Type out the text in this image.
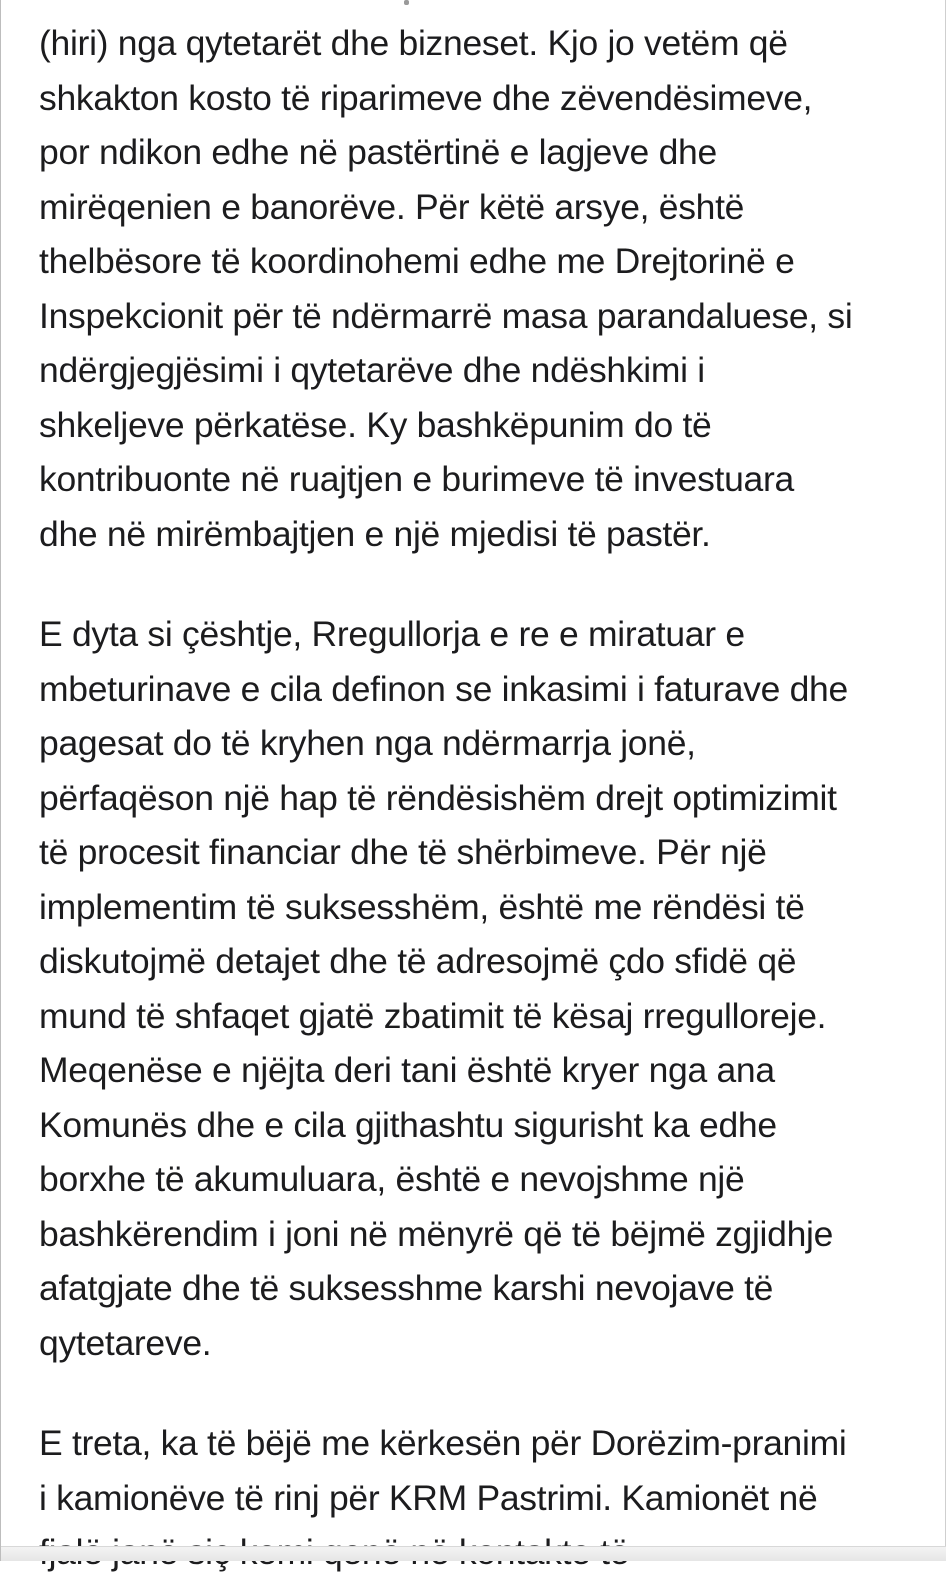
(hiri) nga qytetarët dhe bizneset. Kjo jo vetëm që
shkakton kosto të riparimeve dhe zëvendësimeve,
por ndikon edhe në pastërtinë e lagjeve dhe
mirëqenien e banorëve. Për këtë arsye, është
thelbësore të koordinohemi edhe me Drejtorinë e
Inspekcionit për të ndërmarrë masa parandaluese, si
ndërgjegjësimi i qytetarëve dhe ndëshkimi i
shkeljeve përkatëse. Ky bashkëpunim do të
kontribuonte në ruajtjen e burimeve të investuara
dhe në mirëmbajtjen e një mjedisi të pastër.

E dyta si çështje, Rregullorja e re e miratuar e
mbeturinave e cila definon se inkasimi i faturave dhe
pagesat do të kryhen nga ndërmarrja jonë,
përfaqëson një hap të rëndësishëm drejt optimizimit
të procesit financiar dhe të shërbimeve. Për një
implementim të suksesshëm, është me rëndësi të
diskutojmë detajet dhe të adresojmë çdo sfidë që
mund të shfaqet gjatë zbatimit të kësaj rregulloreje.
Meqenëse e njëjta deri tani është kryer nga ana
Komunës dhe e cila gjithashtu sigurisht ka edhe
borxhe të akumuluara, është e nevojshme një
bashkërendim i joni në mënyrë që të bëjmë zgjidhje
afatgjate dhe të suksesshme karshi nevojave të
qytetareve.

E treta, ka të bëjë me kërkesën për Dorëzim-pranimi
i kamionëve të rinj për KRM Pastrimi. Kamionët në
